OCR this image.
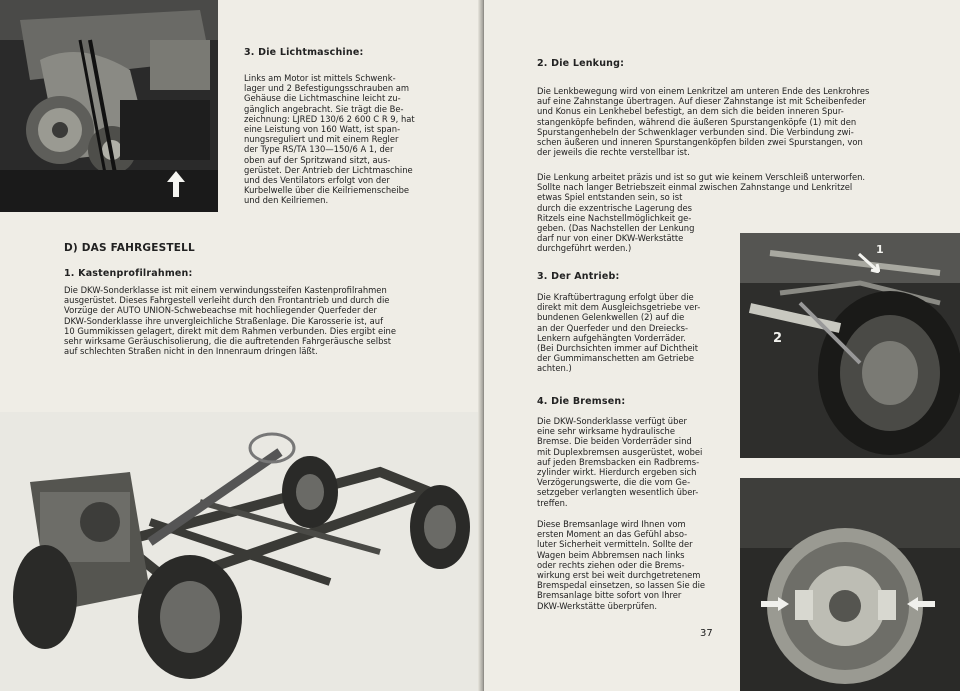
3. Die Lichtmaschine:

Links am Motor ist mittels Schwenk-
lager und 2 Befestigungsschrauben am
Gehäuse die Lichtmaschine leicht zu-
gänglich angebracht. Sie trägt die Be-
zeichnung: LJRED 130/6 2 600 C R 9, hat
eine Leistung von 160 Watt, ist span-
nungsreguliert und mit einem Regler
der Type RS/TA 130—150/6 A 1, der
oben auf der Spritzwand sitzt, aus-
gerüstet. Der Antrieb der Lichtmaschine
und des Ventilators erfolgt von der
Kurbelwelle über die Keilriemenscheibe
und den Keilriemen.

D) DAS FAHRGESTELL

1. Kastenprofilrahmen:

Die DKW-Sonderklasse ist mit einem verwindungssteifen Kastenprofilrahmen
ausgerüstet. Dieses Fahrgestell verleiht durch den Frontantrieb und durch die
Vorzüge der AUTO UNION-Schwebeachse mit hochliegender Querfeder der
DKW-Sonderklasse ihre unvergleichliche Straßenlage. Die Karosserie ist, auf
10 Gummikissen gelagert, direkt mit dem Rahmen verbunden. Dies ergibt eine
sehr wirksame Geräuschisolierung, die die auftretenden Fahrgeräusche selbst
auf schlechten Straßen nicht in den Innenraum dringen läßt.

2. Die Lenkung:

Die Lenkbewegung wird von einem Lenkritzel am unteren Ende des Lenkrohres
auf eine Zahnstange übertragen. Auf dieser Zahnstange ist mit Scheibenfeder
und Konus ein Lenkhebel befestigt, an dem sich die beiden inneren Spur-
stangenköpfe befinden, während die äußeren Spurstangenköpfe (1) mit den
Spurstangenhebeln der Schwenklager verbunden sind. Die Verbindung zwi-
schen äußeren und inneren Spurstangenköpfen bilden zwei Spurstangen, von
der jeweils die rechte verstellbar ist.
Die Lenkung arbeitet präzis und ist so gut wie keinem Verschleiß unterworfen.
Sollte nach langer Betriebszeit einmal zwischen Zahnstange und Lenkritzel
etwas Spiel entstanden sein, so ist
durch die exzentrische Lagerung des
Ritzels eine Nachstellmöglichkeit ge-
geben. (Das Nachstellen der Lenkung
darf nur von einer DKW-Werkstätte
durchgeführt werden.)

3. Der Antrieb:

Die Kraftübertragung erfolgt über die
direkt mit dem Ausgleichsgetriebe ver-
bundenen Gelenkwellen (2) auf die
an der Querfeder und den Dreiecks-
Lenkern aufgehängten Vorderräder.
(Bei Durchsichten immer auf Dichtheit
der Gummimanschetten am Getriebe
achten.)

4. Die Bremsen:

Die DKW-Sonderklasse verfügt über
eine sehr wirksame hydraulische
Bremse. Die beiden Vorderräder sind
mit Duplexbremsen ausgerüstet, wobei
auf jeden Bremsbacken ein Radbrems-
zylinder wirkt. Hierdurch ergeben sich
Verzögerungswerte, die die vom Ge-
setzgeber verlangten wesentlich über-
treffen.
Diese Bremsanlage wird Ihnen vom
ersten Moment an das Gefühl abso-
luter Sicherheit vermitteln. Sollte der
Wagen beim Abbremsen nach links
oder rechts ziehen oder die Brems-
wirkung erst bei weit durchgetretenem
Bremspedal einsetzen, so lassen Sie die
Bremsanlage bitte sofort von Ihrer
DKW-Werkstätte überprüfen.
37
2
1
